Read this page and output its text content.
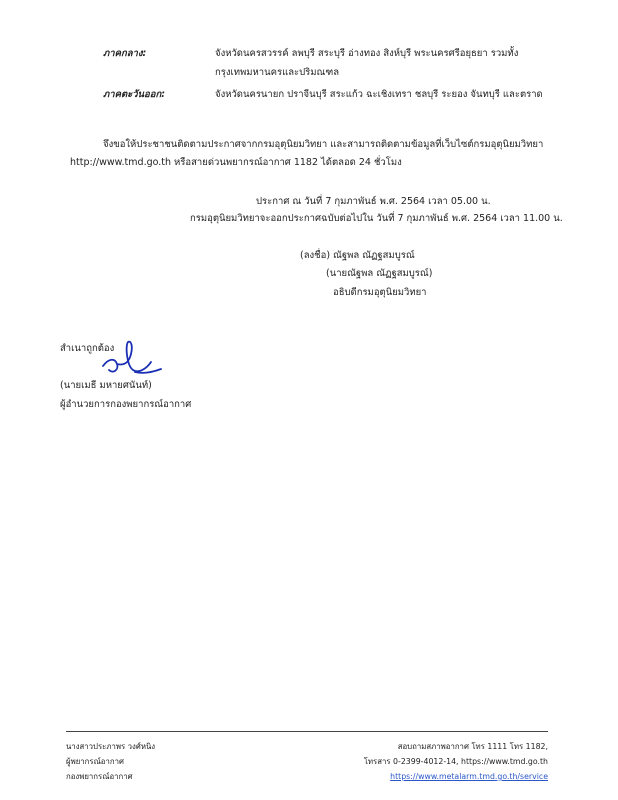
ภาคกลาง:	จังหวัดนครสวรรค์ ลพบุรี สระบุรี อ่างทอง สิงห์บุรี พระนครศรีอยุธยา รวมทั้ง
กรุงเทพมหานครและปริมณฑล
ภาคตะวันออก:	จังหวัดนครนายก ปราจีนบุรี สระแก้ว ฉะเชิงเทรา ชลบุรี ระยอง จันทบุรี และตราด
จึงขอให้ประชาชนติดตามประกาศจากกรมอุตุนิยมวิทยา และสามารถติดตามข้อมูลที่เว็บไซต์กรมอุตุนิยมวิทยา
http://www.tmd.go.th หรือสายด่วนพยากรณ์อากาศ 1182 ได้ตลอด 24 ชั่วโมง
ประกาศ ณ วันที่ 7 กุมภาพันธ์ พ.ศ. 2564 เวลา 05.00 น.
กรมอุตุนิยมวิทยาจะออกประกาศฉบับต่อไปใน วันที่ 7 กุมภาพันธ์ พ.ศ. 2564 เวลา 11.00 น.
(ลงชื่อ) ณัฐพล ณัฏฐสมบูรณ์
(นายณัฐพล ณัฏฐสมบูรณ์)
อธิบดีกรมอุตุนิยมวิทยา
สำเนาถูกต้อง
(นายเมธี มหายศนันท์)
ผู้อำนวยการกองพยากรณ์อากาศ
นางสาวประภาพร วงศ์หนิง
ผู้พยากรณ์อากาศ
กองพยากรณ์อากาศ
สอบถามสภาพอากาศ โทร 1111 โทร 1182,
โทรสาร 0-2399-4012-14, https://www.tmd.go.th
https://www.metalarm.tmd.go.th/service
